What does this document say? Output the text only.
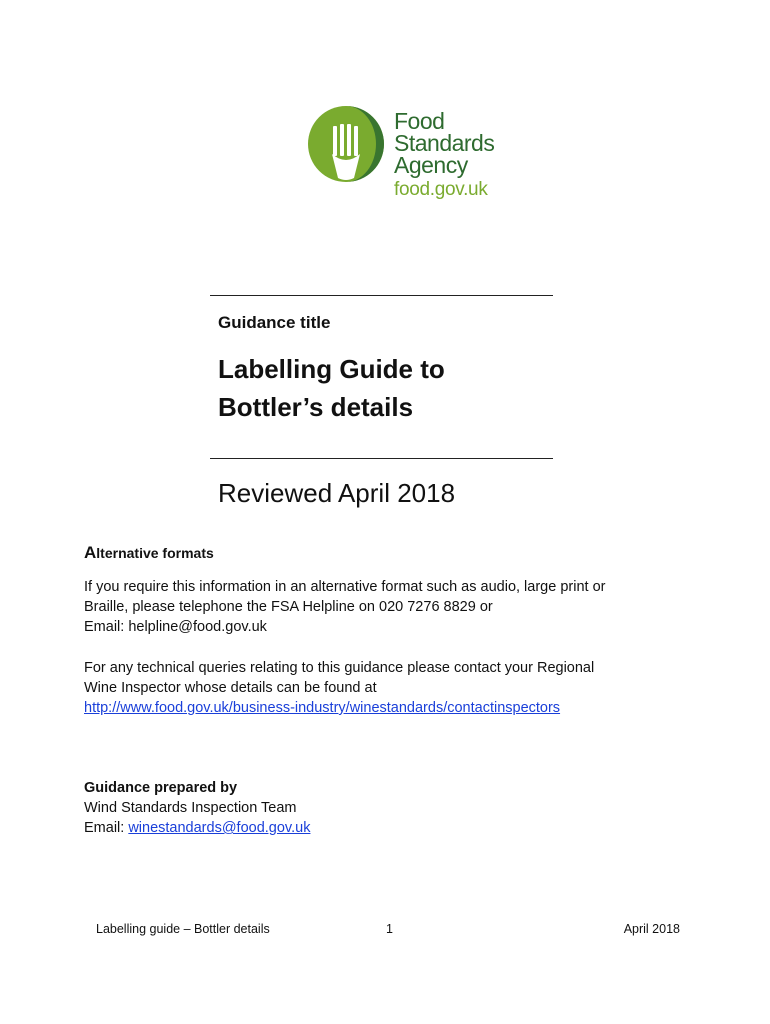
Food
Standards
Agency
food.gov.uk
Guidance title
Labelling Guide to
Bottler’s details
Reviewed April 2018
Alternative formats
If you require this information in an alternative format such as audio, large print or
Braille, please telephone the FSA Helpline on 020 7276 8829 or
Email: helpline@food.gov.uk
For any technical queries relating to this guidance please contact your Regional
Wine Inspector whose details can be found at
http://www.food.gov.uk/business-industry/winestandards/contactinspectors
Guidance prepared by
Wind Standards Inspection Team
Email: winestandards@food.gov.uk
Labelling guide – Bottler details	1	April 2018
